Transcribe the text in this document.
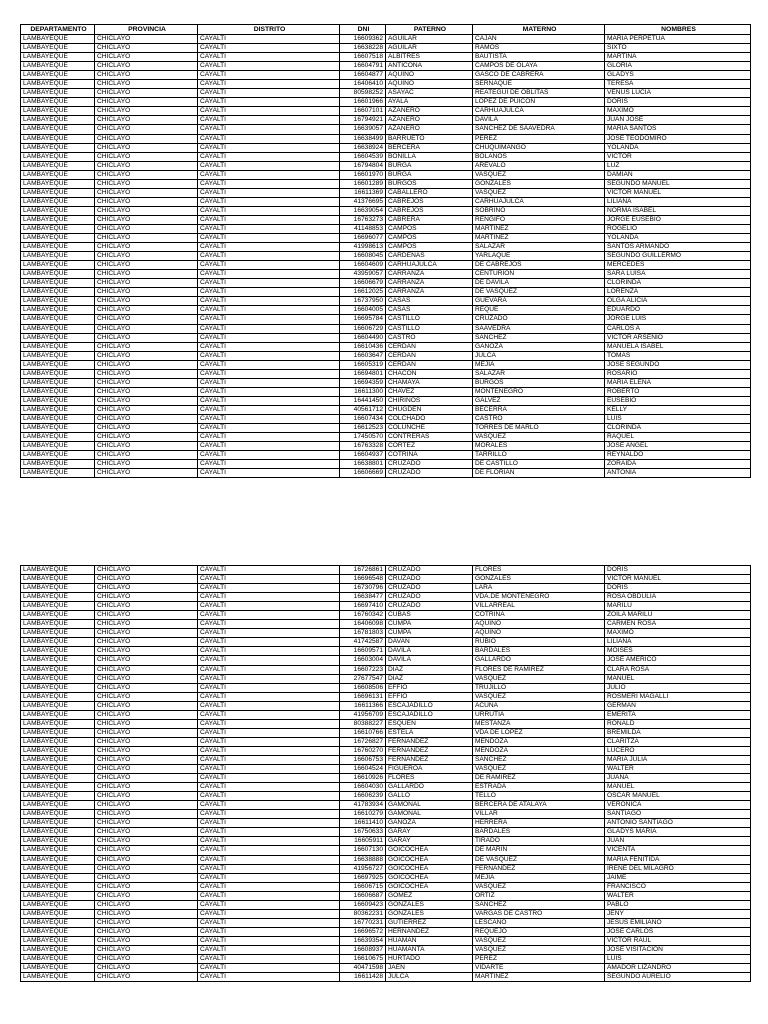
DEPARTAMENTO	PROVINCIA	DISTRITO	DNI	PATERNO	MATERNO	NOMBRES
LAMBAYEQUE	CHICLAYO	CAYALTI	16609362	AGUILAR	CAJAN	MARIA PERPETUA
LAMBAYEQUE	CHICLAYO	CAYALTI	16638228	AGUILAR	RAMOS	SIXTO
LAMBAYEQUE	CHICLAYO	CAYALTI	16607518	ALBITRES	BAUTISTA	MARTINA
LAMBAYEQUE	CHICLAYO	CAYALTI	16604791	ANTICONA	CAMPOS DE OLAYA	GLORIA
LAMBAYEQUE	CHICLAYO	CAYALTI	16604877	AQUINO	GASCO DE CABRERA	GLADYS
LAMBAYEQUE	CHICLAYO	CAYALTI	16406410	AQUINO	SERNAQUE	TERESA
LAMBAYEQUE	CHICLAYO	CAYALTI	80598252	ASAYAC	REATEGUI DE OBLITAS	VENUS LUCIA
LAMBAYEQUE	CHICLAYO	CAYALTI	16601966	AYALA	LOPEZ DE PUICON	DORIS
LAMBAYEQUE	CHICLAYO	CAYALTI	16607101	AZANERO	CARHUAJULCA	MAXIMO
LAMBAYEQUE	CHICLAYO	CAYALTI	16794921	AZANERO	DAVILA	JUAN JOSE
LAMBAYEQUE	CHICLAYO	CAYALTI	16639057	AZANERO	SANCHEZ DE SAAVEDRA	MARIA SANTOS
LAMBAYEQUE	CHICLAYO	CAYALTI	16638499	BARRUETO	PEREZ	JOSE TEODOMIRO
LAMBAYEQUE	CHICLAYO	CAYALTI	16638924	BERCERA	CHUQUIMANGO	YOLANDA
LAMBAYEQUE	CHICLAYO	CAYALTI	16604539	BONILLA	BOLANOS	VICTOR
LAMBAYEQUE	CHICLAYO	CAYALTI	16794804	BURGA	AREVALO	LUZ
LAMBAYEQUE	CHICLAYO	CAYALTI	16601970	BURGA	VASQUEZ	DAMIAN
LAMBAYEQUE	CHICLAYO	CAYALTI	16601289	BURGOS	GONZALES	SEGUNDO MANUEL
LAMBAYEQUE	CHICLAYO	CAYALTI	16611369	CABALLERO	VASQUEZ	VICTOR MANUEL
LAMBAYEQUE	CHICLAYO	CAYALTI	41376695	CABREJOS	CARHUAJULCA	LILIANA
LAMBAYEQUE	CHICLAYO	CAYALTI	16639054	CABREJOS	SOBRINO	NORMA ISABEL
LAMBAYEQUE	CHICLAYO	CAYALTI	16763273	CABRERA	RENGIFO	JORGE EUSEBIO
LAMBAYEQUE	CHICLAYO	CAYALTI	41148853	CAMPOS	MARTINEZ	ROGELIO
LAMBAYEQUE	CHICLAYO	CAYALTI	16696077	CAMPOS	MARTINEZ	YOLANDA
LAMBAYEQUE	CHICLAYO	CAYALTI	41998613	CAMPOS	SALAZAR	SANTOS ARMANDO
LAMBAYEQUE	CHICLAYO	CAYALTI	16608045	CARDENAS	YARLAQUE	SEGUNDO GUILLERMO
LAMBAYEQUE	CHICLAYO	CAYALTI	16604609	CARHUAJULCA	DE CABREJOS	MERCEDES
LAMBAYEQUE	CHICLAYO	CAYALTI	43959057	CARRANZA	CENTURION	SARA LUISA
LAMBAYEQUE	CHICLAYO	CAYALTI	16606679	CARRANZA	DE DAVILA	CLORINDA
LAMBAYEQUE	CHICLAYO	CAYALTI	16612025	CARRANZA	DE VASQUEZ	LORENZA
LAMBAYEQUE	CHICLAYO	CAYALTI	16737950	CASAS	GUEVARA	OLGA ALICIA
LAMBAYEQUE	CHICLAYO	CAYALTI	16604005	CASAS	REQUE	EDUARDO
LAMBAYEQUE	CHICLAYO	CAYALTI	16695784	CASTILLO	CRUZADO	JORGE LUIS
LAMBAYEQUE	CHICLAYO	CAYALTI	16606729	CASTILLO	SAAVEDRA	CARLOS A
LAMBAYEQUE	CHICLAYO	CAYALTI	16604490	CASTRO	SANCHEZ	VICTOR ARSENIO
LAMBAYEQUE	CHICLAYO	CAYALTI	16610436	CERDAN	GANOZA	MANUELA ISABEL
LAMBAYEQUE	CHICLAYO	CAYALTI	16603647	CERDAN	JULCA	TOMAS
LAMBAYEQUE	CHICLAYO	CAYALTI	16605319	CERDAN	MEJIA	JOSE SEGUNDO
LAMBAYEQUE	CHICLAYO	CAYALTI	16694801	CHACON	SALAZAR	ROSARIO
LAMBAYEQUE	CHICLAYO	CAYALTI	16694359	CHAMAYA	BURGOS	MARIA ELENA
LAMBAYEQUE	CHICLAYO	CAYALTI	16611300	CHAVEZ	MONTENEGRO	ROBERTO
LAMBAYEQUE	CHICLAYO	CAYALTI	16441450	CHIRINOS	GALVEZ	EUSEBIO
LAMBAYEQUE	CHICLAYO	CAYALTI	40561712	CHUGDEN	BECERRA	KELLY
LAMBAYEQUE	CHICLAYO	CAYALTI	16607434	COLCHADO	CASTRO	LUIS
LAMBAYEQUE	CHICLAYO	CAYALTI	16612523	COLUNCHE	TORRES DE MARLO	CLORINDA
LAMBAYEQUE	CHICLAYO	CAYALTI	17450570	CONTRERAS	VASQUEZ	RAQUEL
LAMBAYEQUE	CHICLAYO	CAYALTI	16763328	CORTEZ	MORALES	JOSE ANGEL
LAMBAYEQUE	CHICLAYO	CAYALTI	16604937	COTRINA	TARRILLO	REYNALDO
LAMBAYEQUE	CHICLAYO	CAYALTI	16638801	CRUZADO	DE CASTILLO	ZORAIDA
LAMBAYEQUE	CHICLAYO	CAYALTI	16606669	CRUZADO	DE FLORIAN	ANTONIA
LAMBAYEQUE	CHICLAYO	CAYALTI	16726861	CRUZADO	FLORES	DORIS
LAMBAYEQUE	CHICLAYO	CAYALTI	16696548	CRUZADO	GONZALES	VICTOR MANUEL
LAMBAYEQUE	CHICLAYO	CAYALTI	16730796	CRUZADO	LARA	DORIS
LAMBAYEQUE	CHICLAYO	CAYALTI	16638477	CRUZADO	VDA.DE MONTENEGRO	ROSA OBDULIA
LAMBAYEQUE	CHICLAYO	CAYALTI	16697410	CRUZADO	VILLARREAL	MARILU
LAMBAYEQUE	CHICLAYO	CAYALTI	16760342	CUBAS	COTRINA	ZOILA MARILU
LAMBAYEQUE	CHICLAYO	CAYALTI	16406098	CUMPA	AQUINO	CARMEN ROSA
LAMBAYEQUE	CHICLAYO	CAYALTI	16781803	CUMPA	AQUINO	MAXIMO
LAMBAYEQUE	CHICLAYO	CAYALTI	41742587	DAVAN	RUBIO	LILIANA
LAMBAYEQUE	CHICLAYO	CAYALTI	16609571	DAVILA	BARDALES	MOISES
LAMBAYEQUE	CHICLAYO	CAYALTI	16603004	DAVILA	GALLARDO	JOSE AMERICO
LAMBAYEQUE	CHICLAYO	CAYALTI	16607223	DIAZ	FLORES DE RAMIREZ	CLARA ROSA
LAMBAYEQUE	CHICLAYO	CAYALTI	27677547	DIAZ	VASQUEZ	MANUEL
LAMBAYEQUE	CHICLAYO	CAYALTI	16608506	EFFIO	TRUJILLO	JULIO
LAMBAYEQUE	CHICLAYO	CAYALTI	16696131	EFFIO	VASQUEZ	ROSMERI MAGALLI
LAMBAYEQUE	CHICLAYO	CAYALTI	16611366	ESCAJADILLO	ACUNA	GERMAN
LAMBAYEQUE	CHICLAYO	CAYALTI	41956709	ESCAJADILLO	URRUTIA	EMERITA
LAMBAYEQUE	CHICLAYO	CAYALTI	80388227	ESQUEN	MESTANZA	RONALD
LAMBAYEQUE	CHICLAYO	CAYALTI	16610766	ESTELA	VDA DE LOPEZ	BREMILDA
LAMBAYEQUE	CHICLAYO	CAYALTI	16726827	FERNANDEZ	MENDOZA	CLARITZA
LAMBAYEQUE	CHICLAYO	CAYALTI	16760270	FERNANDEZ	MENDOZA	LUCERO
LAMBAYEQUE	CHICLAYO	CAYALTI	16606753	FERNANDEZ	SANCHEZ	MARIA JULIA
LAMBAYEQUE	CHICLAYO	CAYALTI	16604524	FIGUEROA	VASQUEZ	WALTER
LAMBAYEQUE	CHICLAYO	CAYALTI	16610926	FLORES	DE RAMIREZ	JUANA
LAMBAYEQUE	CHICLAYO	CAYALTI	16604030	GALLARDO	ESTRADA	MANUEL
LAMBAYEQUE	CHICLAYO	CAYALTI	16606239	GALLO	TELLO	OSCAR MANUEL
LAMBAYEQUE	CHICLAYO	CAYALTI	41783934	GAMONAL	BERCERA DE ATALAYA	VERONICA
LAMBAYEQUE	CHICLAYO	CAYALTI	16610279	GAMONAL	VILLAR	SANTIAGO
LAMBAYEQUE	CHICLAYO	CAYALTI	16611410	GANOZA	HERRERA	ANTONIO SANTIAGO
LAMBAYEQUE	CHICLAYO	CAYALTI	16750633	GARAY	BARDALES	GLADYS MARIA
LAMBAYEQUE	CHICLAYO	CAYALTI	16605911	GARAY	TIRADO	JUAN
LAMBAYEQUE	CHICLAYO	CAYALTI	16607130	GOICOCHEA	DE MARIN	VICENTA
LAMBAYEQUE	CHICLAYO	CAYALTI	16638888	GOICOCHEA	DE VASQUEZ	MARIA FENITIDA
LAMBAYEQUE	CHICLAYO	CAYALTI	41956727	GOICOCHEA	FERNANDEZ	IRENE DEL MILAGRO
LAMBAYEQUE	CHICLAYO	CAYALTI	16697925	GOICOCHEA	MEJIA	JAIME
LAMBAYEQUE	CHICLAYO	CAYALTI	16606715	GOICOCHEA	VASQUEZ	FRANCISCO
LAMBAYEQUE	CHICLAYO	CAYALTI	16606687	GOMEZ	ORTIZ	WALTER
LAMBAYEQUE	CHICLAYO	CAYALTI	16609423	GONZALES	SANCHEZ	PABLO
LAMBAYEQUE	CHICLAYO	CAYALTI	80362231	GONZALES	VARGAS DE CASTRO	JENY
LAMBAYEQUE	CHICLAYO	CAYALTI	16770231	GUTIERREZ	LESCANO	JESUS EMILIANO
LAMBAYEQUE	CHICLAYO	CAYALTI	16696572	HERNANDEZ	REQUEJO	JOSE CARLOS
LAMBAYEQUE	CHICLAYO	CAYALTI	16639354	HUAMAN	VASQUEZ	VICTOR RAUL
LAMBAYEQUE	CHICLAYO	CAYALTI	16608937	HUAMANTA	VASQUEZ	JOSE VISITACION
LAMBAYEQUE	CHICLAYO	CAYALTI	16610675	HURTADO	PEREZ	LUIS
LAMBAYEQUE	CHICLAYO	CAYALTI	40471598	JAEN	VIDARTE	AMADOR LIZANDRO
LAMBAYEQUE	CHICLAYO	CAYALTI	16611428	JULCA	MARTINEZ	SEGUNDO AURELIO
